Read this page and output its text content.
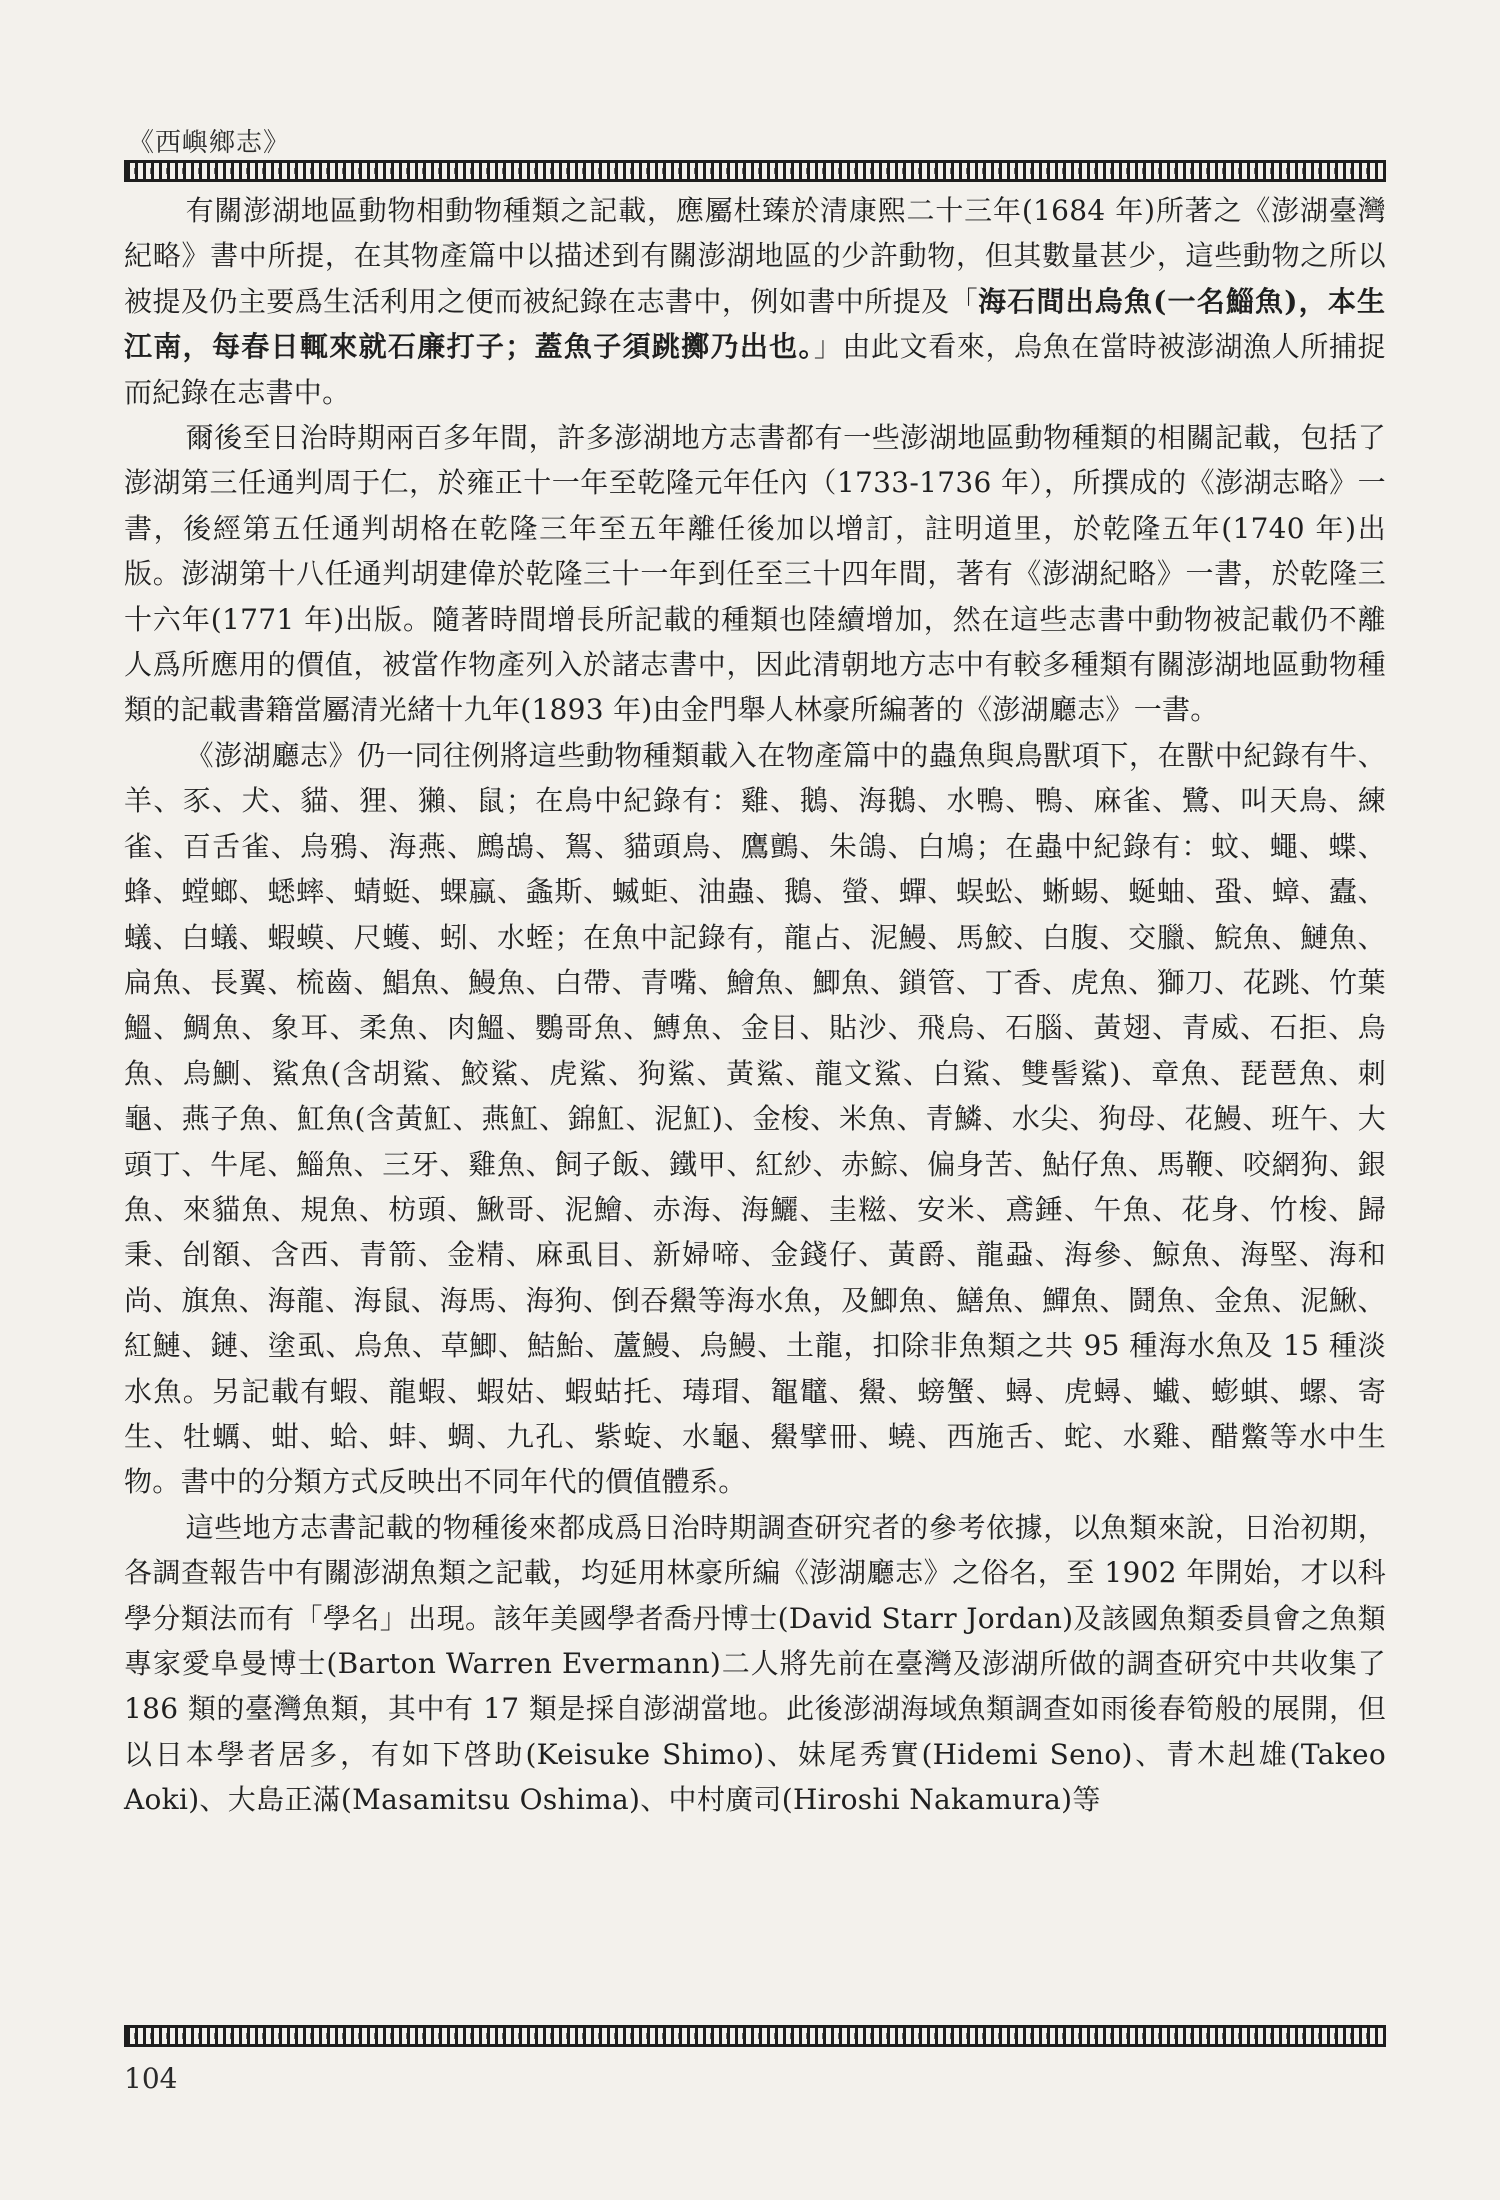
《西嶼鄉志》

有關澎湖地區動物相動物種類之記載，應屬杜臻於清康熙二十三年(1684 年)所著之《澎湖臺灣紀略》書中所提，在其物產篇中以描述到有關澎湖地區的少許動物，但其數量甚少，這些動物之所以被提及仍主要爲生活利用之便而被紀錄在志書中，例如書中所提及「海石間出烏魚(一名鯔魚)，本生江南，每春日輒來就石廉打子；蓋魚子須跳擲乃出也。」由此文看來，烏魚在當時被澎湖漁人所捕捉而紀錄在志書中。

爾後至日治時期兩百多年間，許多澎湖地方志書都有一些澎湖地區動物種類的相關記載，包括了澎湖第三任通判周于仁，於雍正十一年至乾隆元年任內（1733-1736 年），所撰成的《澎湖志略》一書，後經第五任通判胡格在乾隆三年至五年離任後加以增訂，註明道里，於乾隆五年(1740 年)出版。澎湖第十八任通判胡建偉於乾隆三十一年到任至三十四年間，著有《澎湖紀略》一書，於乾隆三十六年(1771 年)出版。隨著時間增長所記載的種類也陸續增加，然在這些志書中動物被記載仍不離人爲所應用的價值，被當作物產列入於諸志書中，因此清朝地方志中有較多種類有關澎湖地區動物種類的記載書籍當屬清光緒十九年(1893 年)由金門舉人林豪所編著的《澎湖廳志》一書。

《澎湖廳志》仍一同往例將這些動物種類載入在物產篇中的蟲魚與鳥獸項下，在獸中紀錄有牛、羊、豕、犬、貓、狸、獺、鼠；在鳥中紀錄有：雞、鵝、海鵝、水鴨、鴨、麻雀、鷺、叫天鳥、練雀、百舌雀、烏鴉、海燕、鷓鴣、鴽、貓頭鳥、鷹鸇、朱鴿、白鳩；在蟲中紀錄有：蚊、蠅、蝶、蜂、螳螂、蟋蟀、蜻蜓、蜾蠃、螽斯、蝛蚷、油蟲、鵝、螢、蟬、蜈蚣、蜥蜴、蜒蚰、蛩、蟑、蠹、蟻、白蟻、蝦蟆、尺蠖、蚓、水蛭；在魚中記錄有，龍占、泥鰻、馬鮫、白腹、交臘、鯇魚、鰱魚、扁魚、長翼、梳齒、鯧魚、鰻魚、白帶、青嘴、鱠魚、鯽魚、鎖管、丁香、虎魚、獅刀、花跳、竹葉鰮、鯛魚、象耳、柔魚、肉鰮、鸚哥魚、鱄魚、金目、貼沙、飛烏、石腦、黃翅、青威、石拒、烏魚、烏鰂、鯊魚(含胡鯊、鮫鯊、虎鯊、狗鯊、黃鯊、龍文鯊、白鯊、雙髻鯊)、章魚、琵琶魚、刺龜、燕子魚、魟魚(含黃魟、燕魟、錦魟、泥魟)、金梭、米魚、青鱗、水尖、狗母、花鰻、班午、大頭丁、牛尾、鯔魚、三牙、雞魚、飼子飯、鐵甲、紅紗、赤鯮、偏身苦、鮎仔魚、馬鞭、咬網狗、銀魚、來貓魚、規魚、枋頭、鰍哥、泥鱠、赤海、海鱺、圭糍、安米、鳶錘、午魚、花身、竹梭、歸秉、刣額、含西、青箭、金精、麻虱目、新婦啼、金錢仔、黃爵、龍蝨、海參、鯨魚、海堅、海和尚、旗魚、海龍、海鼠、海馬、海狗、倒吞鱟等海水魚，及鯽魚、鱔魚、鱓魚、鬪魚、金魚、泥鰍、紅鰱、鏈、塗虱、烏魚、草鯽、鮚鮐、蘆鰻、烏鰻、土龍，扣除非魚類之共 95 種海水魚及 15 種淡水魚。另記載有蝦、龍蝦、蝦姑、蝦蛄托、瑇瑁、鼅鼊、鱟、螃蟹、蟳、虎蟳、蠘、蟛蜞、螺、寄生、牡蠣、蚶、蛤、蚌、蜩、九孔、紫蜁、水龜、鱟擘冊、蟯、西施舌、蛇、水雞、醋鱉等水中生物。書中的分類方式反映出不同年代的價值體系。

這些地方志書記載的物種後來都成爲日治時期調查研究者的參考依據，以魚類來說，日治初期，各調查報告中有關澎湖魚類之記載，均延用林豪所編《澎湖廳志》之俗名，至 1902 年開始，才以科學分類法而有「學名」出現。該年美國學者喬丹博士(David Starr Jordan)及該國魚類委員會之魚類專家愛阜曼博士(Barton Warren Evermann)二人將先前在臺灣及澎湖所做的調查研究中共收集了 186 類的臺灣魚類，其中有 17 類是採自澎湖當地。此後澎湖海域魚類調查如雨後春筍般的展開，但以日本學者居多，有如下啓助(Keisuke Shimo)、妹尾秀實(Hidemi Seno)、青木赳雄(Takeo Aoki)、大島正滿(Masamitsu Oshima)、中村廣司(Hiroshi Nakamura)等

104
